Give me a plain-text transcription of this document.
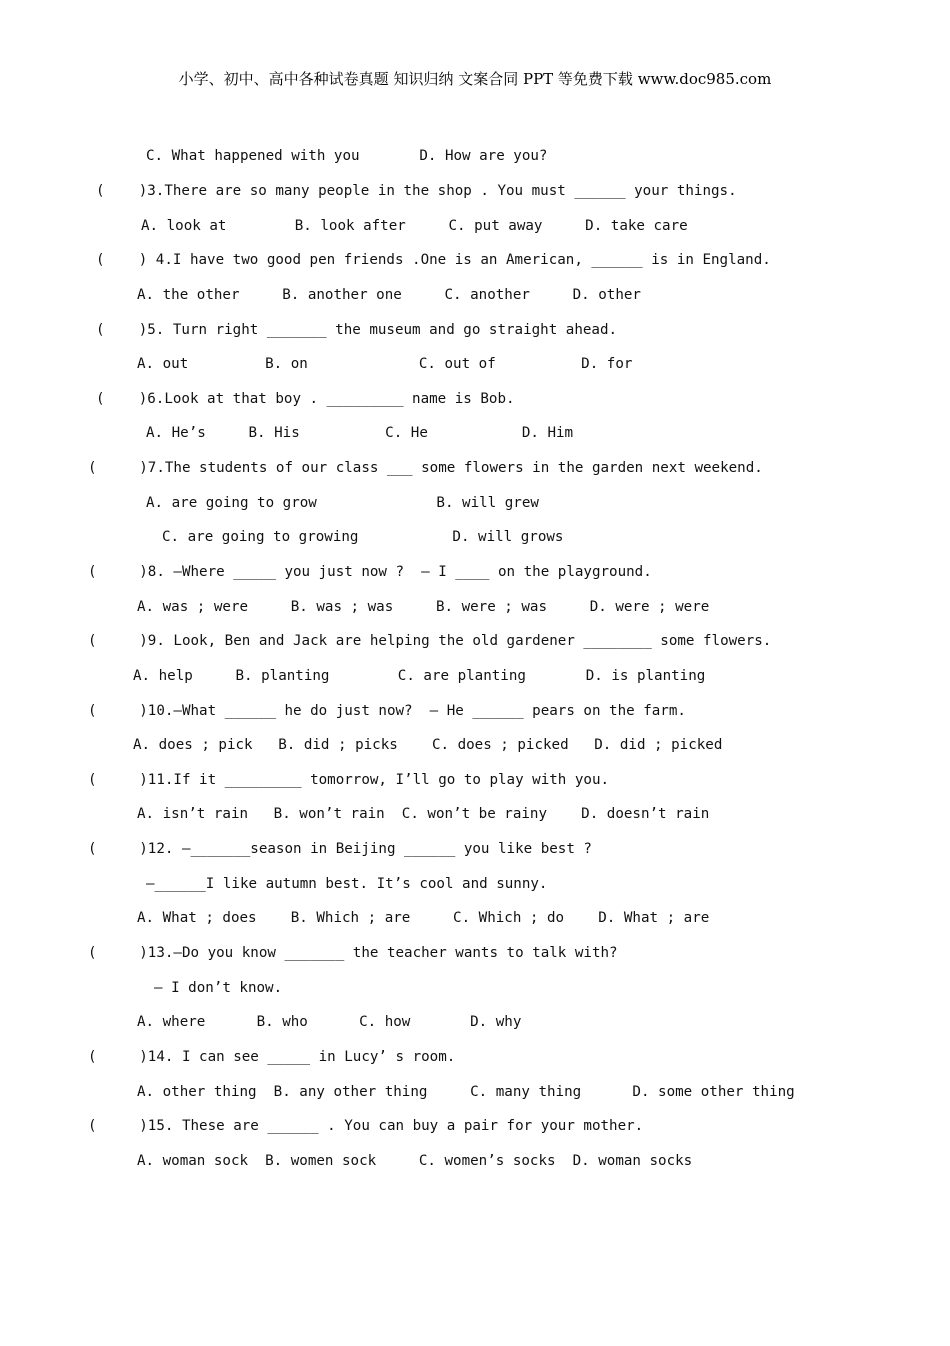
小学、初中、高中各种试卷真题 知识归纳 文案合同 PPT 等免费下载 www.doc985.com
C. What happened with you       D. How are you?
(    )3.There are so many people in the shop . You must ______ your things.
A. look at        B. look after     C. put away     D. take care
(    ) 4.I have two good pen friends .One is an American, ______ is in England.
A. the other     B. another one     C. another     D. other
(    )5. Turn right _______ the museum and go straight ahead.
A. out         B. on             C. out of          D. for
(    )6.Look at that boy . _________ name is Bob.
A. He’s     B. His          C. He           D. Him
(     )7.The students of our class ___ some flowers in the garden next weekend.
A. are going to grow              B. will grew
C. are going to growing           D. will grows
(     )8. —Where _____ you just now ?  — I ____ on the playground.
A. was ; were     B. was ; was     B. were ; was     D. were ; were
(     )9. Look, Ben and Jack are helping the old gardener ________ some flowers.
A. help     B. planting        C. are planting       D. is planting
(     )10.—What ______ he do just now?  — He ______ pears on the farm.
A. does ; pick   B. did ; picks    C. does ; picked   D. did ; picked
(     )11.If it _________ tomorrow, I’ll go to play with you.
A. isn’t rain   B. won’t rain  C. won’t be rainy    D. doesn’t rain
(     )12. —_______season in Beijing ______ you like best ?
—______I like autumn best. It’s cool and sunny.
A. What ; does    B. Which ; are     C. Which ; do    D. What ; are
(     )13.—Do you know _______ the teacher wants to talk with?
— I don’t know.
A. where      B. who      C. how       D. why
(     )14. I can see _____ in Lucy’ s room.
A. other thing  B. any other thing     C. many thing      D. some other thing
(     )15. These are ______ . You can buy a pair for your mother.
A. woman sock  B. women sock     C. women’s socks  D. woman socks
